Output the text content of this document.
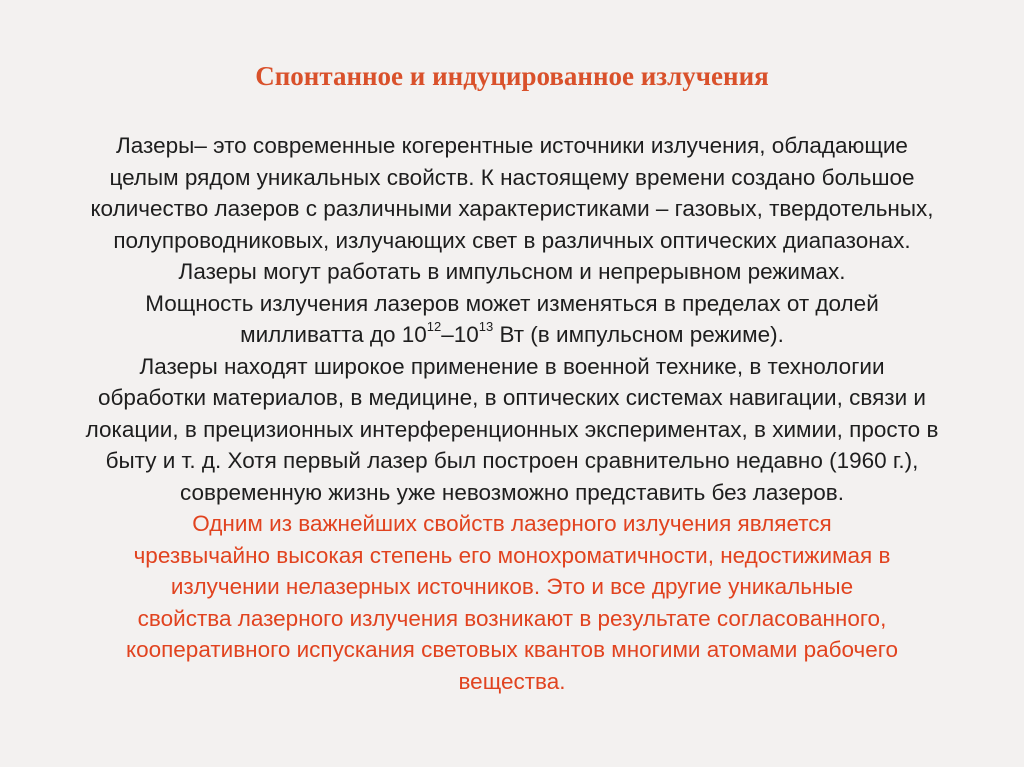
Спонтанное и индуцированное излучения
Лазеры– это современные когерентные источники излучения, обладающие
целым рядом уникальных свойств. К настоящему времени создано большое
количество лазеров с различными характеристиками – газовых, твердотельных,
полупроводниковых, излучающих свет в различных оптических диапазонах.
Лазеры могут работать в импульсном и непрерывном режимах.
Мощность излучения лазеров может изменяться в пределах от долей
милливатта до $10^{12}-10^{13}$ Вт (в импульсном режиме).
Лазеры находят широкое применение в военной технике, в технологии
обработки материалов, в медицине, в оптических системах навигации, связи и
локации, в прецизионных интерференционных экспериментах, в химии, просто в
быту и т. д. Хотя первый лазер был построен сравнительно недавно (1960 г.),
современную жизнь уже невозможно представить без лазеров.
Одним из важнейших свойств лазерного излучения является
чрезвычайно высокая степень его монохроматичности, недостижимая в
излучении нелазерных источников. Это и все другие уникальные
свойства лазерного излучения возникают в результате согласованного,
кооперативного испускания световых квантов многими атомами рабочего
вещества.
